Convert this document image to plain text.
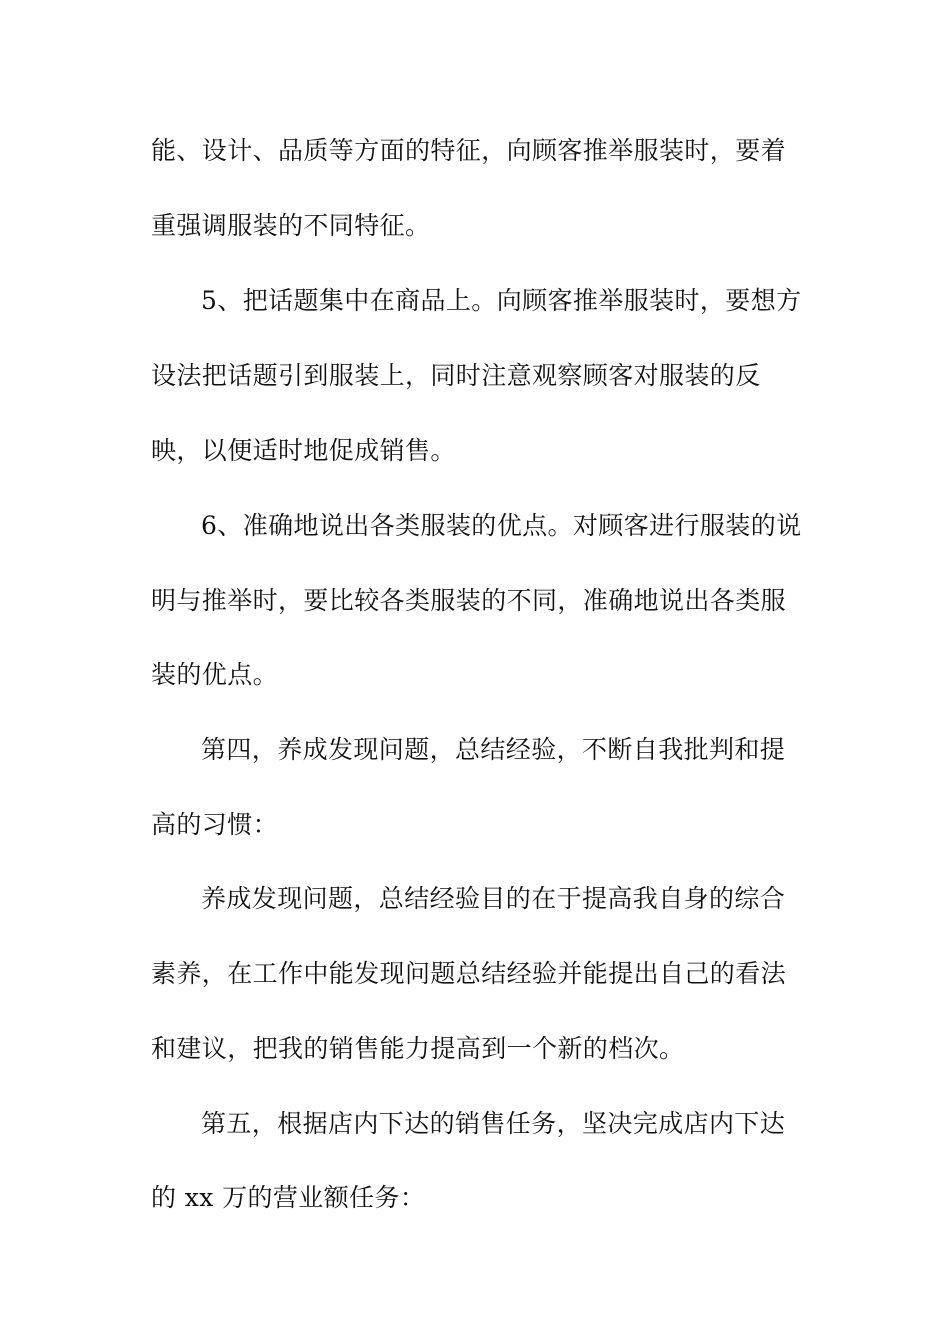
能、设计、品质等方面的特征，向顾客推举服装时，要着
重强调服装的不同特征。
5、把话题集中在商品上。向顾客推举服装时，要想方
设法把话题引到服装上，同时注意观察顾客对服装的反
映，以便适时地促成销售。
6、准确地说出各类服装的优点。对顾客进行服装的说
明与推举时，要比较各类服装的不同，准确地说出各类服
装的优点。
第四，养成发现问题，总结经验，不断自我批判和提
高的习惯：
养成发现问题，总结经验目的在于提高我自身的综合
素养，在工作中能发现问题总结经验并能提出自己的看法
和建议，把我的销售能力提高到一个新的档次。
第五，根据店内下达的销售任务，坚决完成店内下达
的 xx 万的营业额任务：
